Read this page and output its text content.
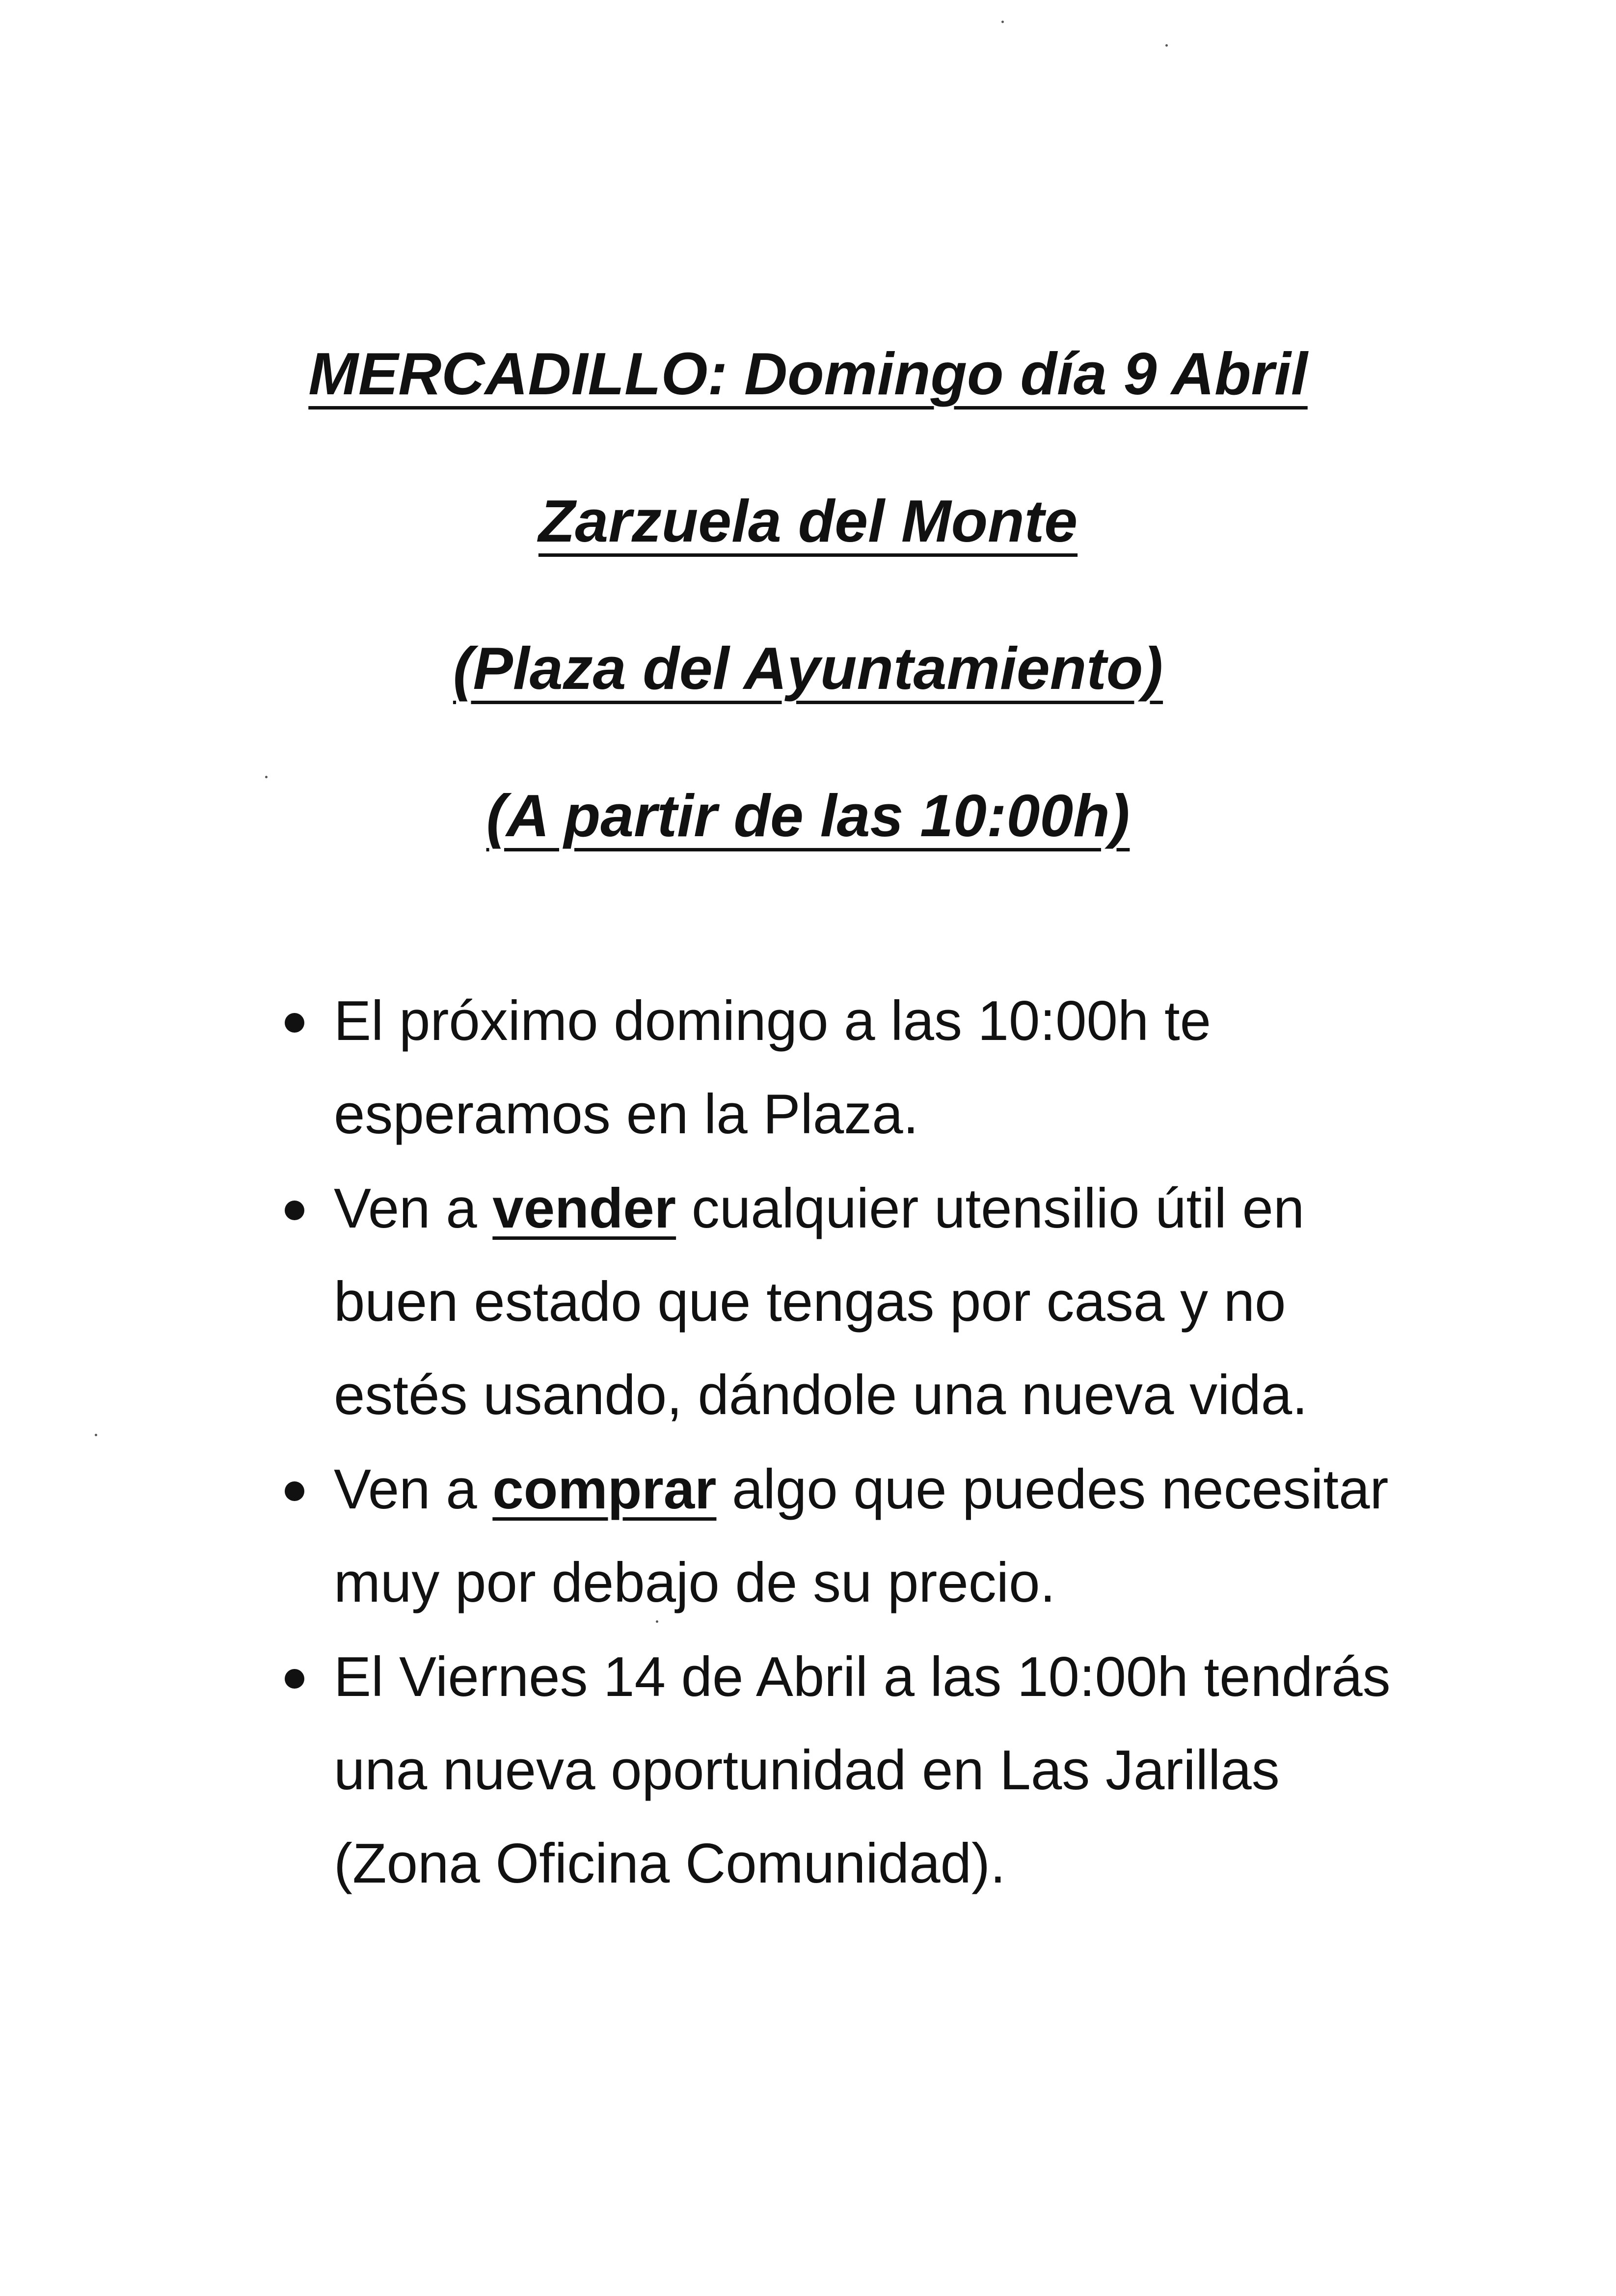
MERCADILLO: Domingo día 9 Abril
Zarzuela del Monte
(Plaza del Ayuntamiento)
(A partir de las 10:00h)
El próximo domingo a las 10:00h te esperamos en la Plaza.
Ven a vender cualquier utensilio útil en buen estado que tengas por casa y no estés usando, dándole una nueva vida.
Ven a comprar algo que puedes necesitar muy por debajo de su precio.
El Viernes 14 de Abril a las 10:00h tendrás una nueva oportunidad en Las Jarillas (Zona Oficina Comunidad).
